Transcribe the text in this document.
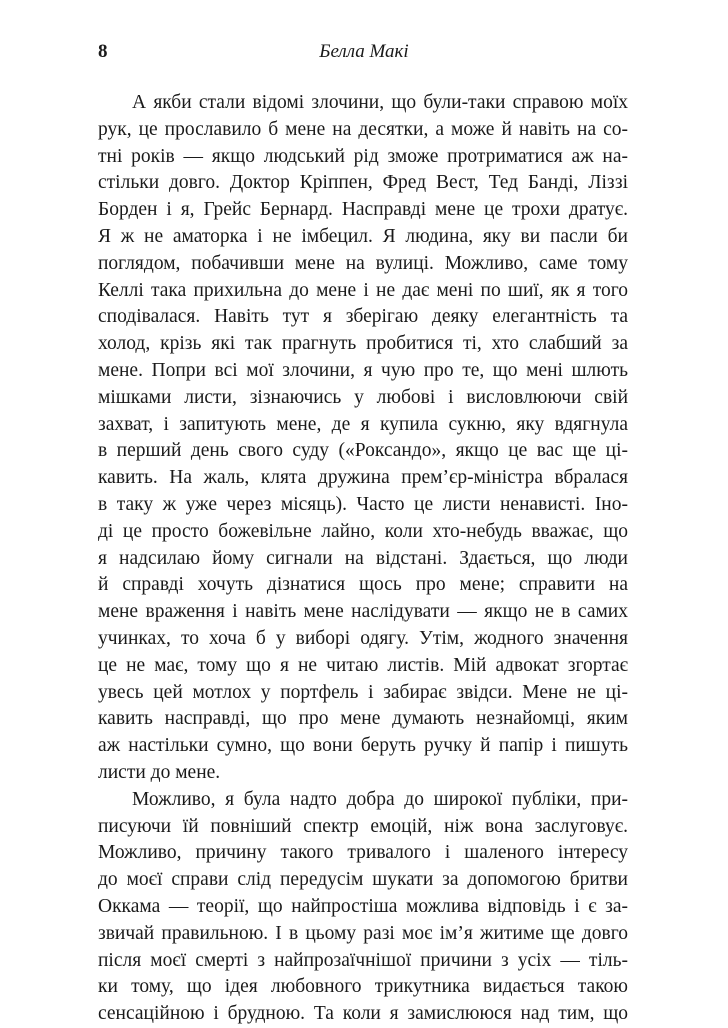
8	Белла Макі
А якби стали відомі злочини, що були-таки справою моїх
рук, це прославило б мене на десятки, а може й навіть на со-
тні років — якщо людський рід зможе протриматися аж на-
стільки довго. Доктор Кріппен, Фред Вест, Тед Банді, Ліззі
Борден і я, Грейс Бернард. Насправді мене це трохи дратує.
Я ж не аматорка і не імбецил. Я людина, яку ви пасли би
поглядом, побачивши мене на вулиці. Можливо, саме тому
Келлі така прихильна до мене і не дає мені по шиї, як я того
сподівалася. Навіть тут я зберігаю деяку елегантність та
холод, крізь які так прагнуть пробитися ті, хто слабший за
мене. Попри всі мої злочини, я чую про те, що мені шлють
мішками листи, зізнаючись у любові і висловлюючи свій
захват, і запитують мене, де я купила сукню, яку вдягнула
в перший день свого суду («Роксандо», якщо це вас ще ці-
кавить. На жаль, клята дружина прем’єр-міністра вбралася
в таку ж уже через місяць). Часто це листи ненависті. Іно-
ді це просто божевільне лайно, коли хто-небудь вважає, що
я надсилаю йому сигнали на відстані. Здається, що люди
й справді хочуть дізнатися щось про мене; справити на
мене враження і навіть мене наслідувати — якщо не в самих
учинках, то хоча б у виборі одягу. Утім, жодного значення
це не має, тому що я не читаю листів. Мій адвокат згортає
увесь цей мотлох у портфель і забирає звідси. Мене не ці-
кавить насправді, що про мене думають незнайомці, яким
аж настільки сумно, що вони беруть ручку й папір і пишуть
листи до мене.
Можливо, я була надто добра до широкої публіки, при-
писуючи їй повніший спектр емоцій, ніж вона заслуговує.
Можливо, причину такого тривалого і шаленого інтересу
до моєї справи слід передусім шукати за допомогою бритви
Оккама — теорії, що найпростіша можлива відповідь і є за-
звичай правильною. І в цьому разі моє ім’я житиме ще довго
після моєї смерті з найпрозаїчнішої причини з усіх — тіль-
ки тому, що ідея любовного трикутника видається такою
сенсаційною і брудною. Та коли я замислююся над тим, що
